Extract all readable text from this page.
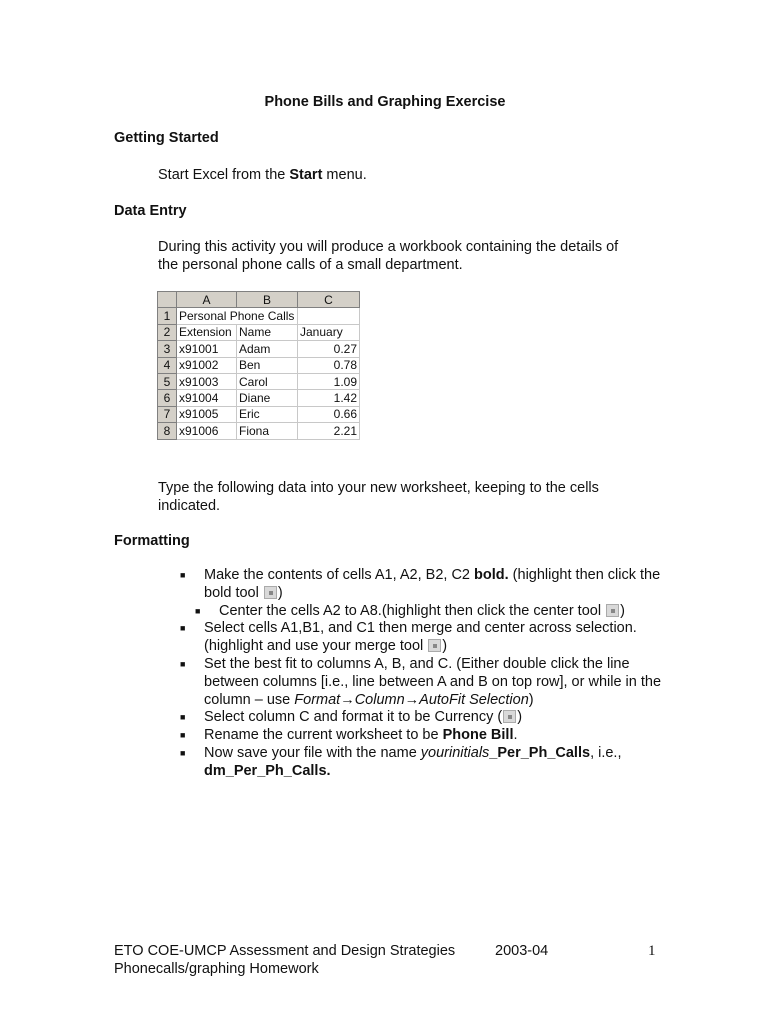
Phone Bills and Graphing Exercise
Getting Started
Start Excel from the Start menu.
Data Entry
During this activity you will produce a workbook containing the details of
the personal phone calls of a small department.
	A	B	C
1	Personal Phone Calls		
2	Extension	Name	January
3	x91001	Adam	0.27
4	x91002	Ben	0.78
5	x91003	Carol	1.09
6	x91004	Diane	1.42
7	x91005	Eric	0.66
8	x91006	Fiona	2.21
Type the following data into your new worksheet, keeping to the cells
indicated.
Formatting
■ Make the contents of cells A1, A2, B2, C2 bold. (highlight then click the bold tool )
■ Center the cells A2 to A8.(highlight then click the center tool )
■ Select cells A1,B1, and C1 then merge and center across selection. (highlight and use your merge tool )
■ Set the best fit to columns A, B, and C. (Either double click the line between columns [i.e., line between A and B on top row], or while in the column – use Format→Column→AutoFit Selection)
■ Select column C and format it to be Currency ( )
■ Rename the current worksheet to be Phone Bill.
■ Now save your file with the name yourinitials_Per_Ph_Calls, i.e., dm_Per_Ph_Calls.
ETO COE-UMCP Assessment and Design Strategies	2003-04	1
Phonecalls/graphing Homework
